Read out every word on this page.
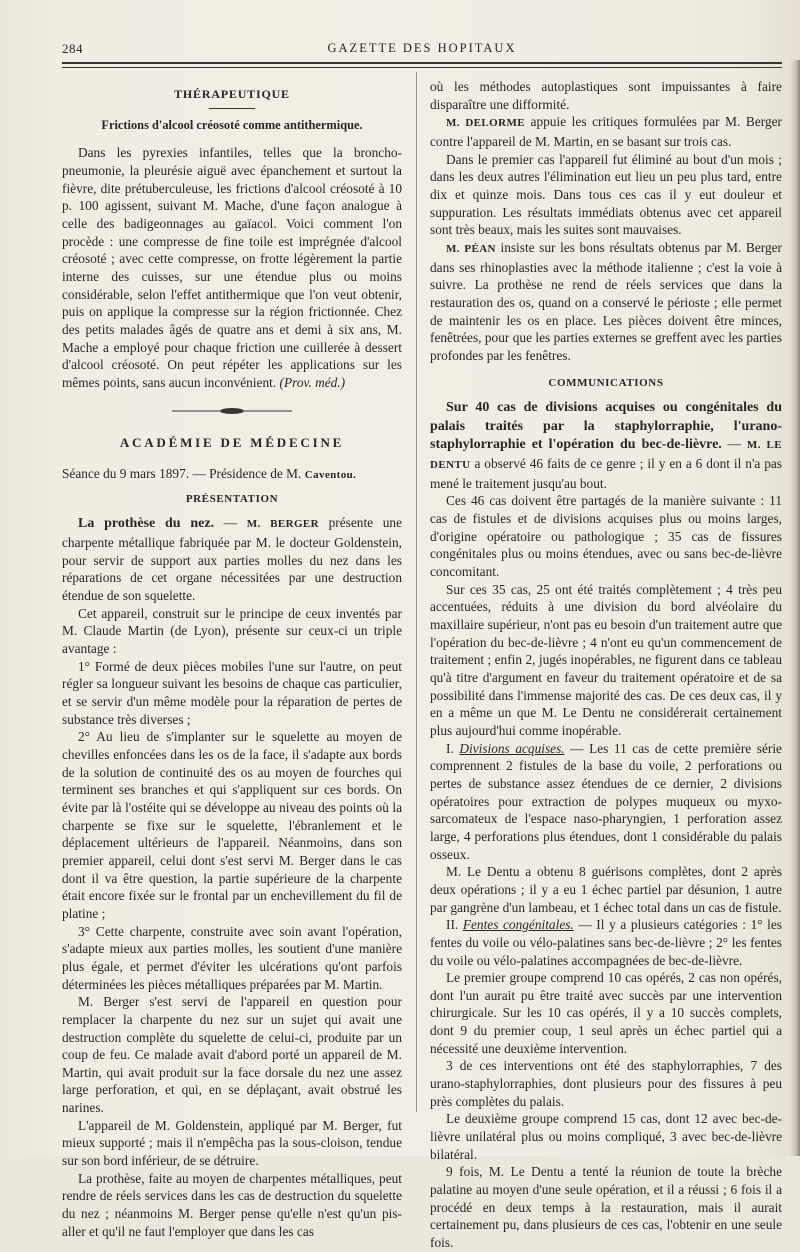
284	GAZETTE DES HOPITAUX
THÉRAPEUTIQUE
Frictions d'alcool créosoté comme antithermique.

Dans les pyrexies infantiles, telles que la broncho-pneumonie, la pleurésie aiguë avec épanchement et surtout la fièvre, dite prétuberculeuse, les frictions d'alcool créosoté à 10 p. 100 agissent, suivant M. Mache, d'une façon analogue à celle des badigeonnages au gaïacol. Voici comment l'on procède : une compresse de fine toile est imprégnée d'alcool créosoté ; avec cette compresse, on frotte légèrement la partie interne des cuisses, sur une étendue plus ou moins considérable, selon l'effet antithermique que l'on veut obtenir, puis on applique la compresse sur la région frictionnée. Chez des petits malades âgés de quatre ans et demi à six ans, M. Mache a employé pour chaque friction une cuillerée à dessert d'alcool créosoté. On peut répéter les applications sur les mêmes points, sans aucun inconvénient. (Prov. méd.)

ACADÉMIE DE MÉDECINE

Séance du 9 mars 1897. — Présidence de M. Caventou.

PRÉSENTATION

La prothèse du nez. — M. BERGER présente une charpente métallique fabriquée par M. le docteur Goldenstein, pour servir de support aux parties molles du nez dans les réparations de cet organe nécessitées par une destruction étendue de son squelette.

Cet appareil, construit sur le principe de ceux inventés par M. Claude Martin (de Lyon), présente sur ceux-ci un triple avantage :

1° Formé de deux pièces mobiles l'une sur l'autre, on peut régler sa longueur suivant les besoins de chaque cas particulier, et se servir d'un même modèle pour la réparation de pertes de substance très diverses ;

2° Au lieu de s'implanter sur le squelette au moyen de chevilles enfoncées dans les os de la face, il s'adapte aux bords de la solution de continuité des os au moyen de fourches qui terminent ses branches et qui s'appliquent sur ces bords. On évite par là l'ostéite qui se développe au niveau des points où la charpente se fixe sur le squelette, l'ébranlement et le déplacement ultérieurs de l'appareil. Néanmoins, dans son premier appareil, celui dont s'est servi M. Berger dans le cas dont il va être question, la partie supérieure de la charpente était encore fixée sur le frontal par un enchevillement du fil de platine ;

3° Cette charpente, construite avec soin avant l'opération, s'adapte mieux aux parties molles, les soutient d'une manière plus égale, et permet d'éviter les ulcérations qu'ont parfois déterminées les pièces métalliques préparées par M. Martin.

M. Berger s'est servi de l'appareil en question pour remplacer la charpente du nez sur un sujet qui avait une destruction complète du squelette de celui-ci, produite par un coup de feu. Ce malade avait d'abord porté un appareil de M. Martin, qui avait produit sur la face dorsale du nez une assez large perforation, et qui, en se déplaçant, avait obstrué les narines.

L'appareil de M. Goldenstein, appliqué par M. Berger, fut mieux supporté ; mais il n'empêcha pas la sous-cloison, tendue sur son bord inférieur, de se détruire.

La prothèse, faite au moyen de charpentes métalliques, peut rendre de réels services dans les cas de destruction du squelette du nez ; néanmoins M. Berger pense qu'elle n'est qu'un pis-aller et qu'il ne faut l'employer que dans les cas

où les méthodes autoplastiques sont impuissantes à faire disparaître une difformité.

M. DELORME appuie les critiques formulées par M. Berger contre l'appareil de M. Martin, en se basant sur trois cas.

Dans le premier cas l'appareil fut éliminé au bout d'un mois ; dans les deux autres l'élimination eut lieu un peu plus tard, entre dix et quinze mois. Dans tous ces cas il y eut douleur et suppuration. Les résultats immédiats obtenus avec cet appareil sont très beaux, mais les suites sont mauvaises.

M. PÉAN insiste sur les bons résultats obtenus par M. Berger dans ses rhinoplasties avec la méthode italienne ; c'est la voie à suivre. La prothèse ne rend de réels services que dans la restauration des os, quand on a conservé le périoste ; elle permet de maintenir les os en place. Les pièces doivent être minces, fenêtrées, pour que les parties externes se greffent avec les parties profondes par les fenêtres.

COMMUNICATIONS

Sur 40 cas de divisions acquises ou congénitales du palais traités par la staphylorraphie, l'urano-staphylorraphie et l'opération du bec-de-lièvre. — M. LE DENTU a observé 46 faits de ce genre ; il y en a 6 dont il n'a pas mené le traitement jusqu'au bout.

Ces 46 cas doivent être partagés de la manière suivante : 11 cas de fistules et de divisions acquises plus ou moins larges, d'origine opératoire ou pathologique ; 35 cas de fissures congénitales plus ou moins étendues, avec ou sans bec-de-lièvre concomitant.

Sur ces 35 cas, 25 ont été traités complètement ; 4 très peu accentuées, réduits à une division du bord alvéolaire du maxillaire supérieur, n'ont pas eu besoin d'un traitement autre que l'opération du bec-de-lièvre ; 4 n'ont eu qu'un commencement de traitement ; enfin 2, jugés inopérables, ne figurent dans ce tableau qu'à titre d'argument en faveur du traitement opératoire et de sa possibilité dans l'immense majorité des cas. De ces deux cas, il y en a même un que M. Le Dentu ne considérerait certainement plus aujourd'hui comme inopérable.

I. Divisions acquises. — Les 11 cas de cette première série comprennent 2 fistules de la base du voile, 2 perforations ou pertes de substance assez étendues de ce dernier, 2 divisions opératoires pour extraction de polypes muqueux ou myxo-sarcomateux de l'espace naso-pharyngien, 1 perforation assez large, 4 perforations plus étendues, dont 1 considérable du palais osseux.

M. Le Dentu a obtenu 8 guérisons complètes, dont 2 après deux opérations ; il y a eu 1 échec partiel par désunion, 1 autre par gangrène d'un lambeau, et 1 échec total dans un cas de fistule.

II. Fentes congénitales. — Il y a plusieurs catégories : 1° les fentes du voile ou vélo-palatines sans bec-de-lièvre ; 2° les fentes du voile ou vélo-palatines accompagnées de bec-de-lièvre.

Le premier groupe comprend 10 cas opérés, 2 cas non opérés, dont l'un aurait pu être traité avec succès par une intervention chirurgicale. Sur les 10 cas opérés, il y a 10 succès complets, dont 9 du premier coup, 1 seul après un échec partiel qui a nécessité une deuxième intervention.

3 de ces interventions ont été des staphylorraphies, 7 des urano-staphylorraphies, dont plusieurs pour des fissures à peu près complètes du palais.

Le deuxième groupe comprend 15 cas, dont 12 avec bec-de-lièvre unilatéral plus ou moins compliqué, 3 avec bec-de-lièvre bilatéral.

9 fois, M. Le Dentu a tenté la réunion de toute la brèche palatine au moyen d'une seule opération, et il a réussi ; 6 fois il a procédé en deux temps à la restauration, mais il aurait certainement pu, dans plusieurs de ces cas, l'obtenir en une seule fois.
